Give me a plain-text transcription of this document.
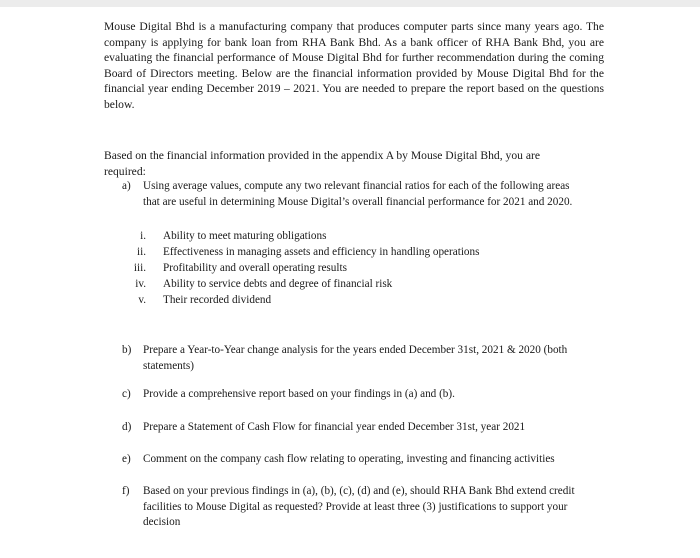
Mouse Digital Bhd is a manufacturing company that produces computer parts since many years ago. The company is applying for bank loan from RHA Bank Bhd. As a bank officer of RHA Bank Bhd, you are evaluating the financial performance of Mouse Digital Bhd for further recommendation during the coming Board of Directors meeting. Below are the financial information provided by Mouse Digital Bhd for the financial year ending December 2019 – 2021. You are needed to prepare the report based on the questions below.

Based on the financial information provided in the appendix A by Mouse Digital Bhd, you are required:

a) Using average values, compute any two relevant financial ratios for each of the following areas that are useful in determining Mouse Digital’s overall financial performance for 2021 and 2020.

i. Ability to meet maturing obligations
ii. Effectiveness in managing assets and efficiency in handling operations
iii. Profitability and overall operating results
iv. Ability to service debts and degree of financial risk
v. Their recorded dividend
b) Prepare a Year-to-Year change analysis for the years ended December 31st, 2021 & 2020 (both statements)

c) Provide a comprehensive report based on your findings in (a) and (b).

d) Prepare a Statement of Cash Flow for financial year ended December 31st, year 2021

e) Comment on the company cash flow relating to operating, investing and financing activities

f) Based on your previous findings in (a), (b), (c), (d) and (e), should RHA Bank Bhd extend credit facilities to Mouse Digital as requested? Provide at least three (3) justifications to support your decision
